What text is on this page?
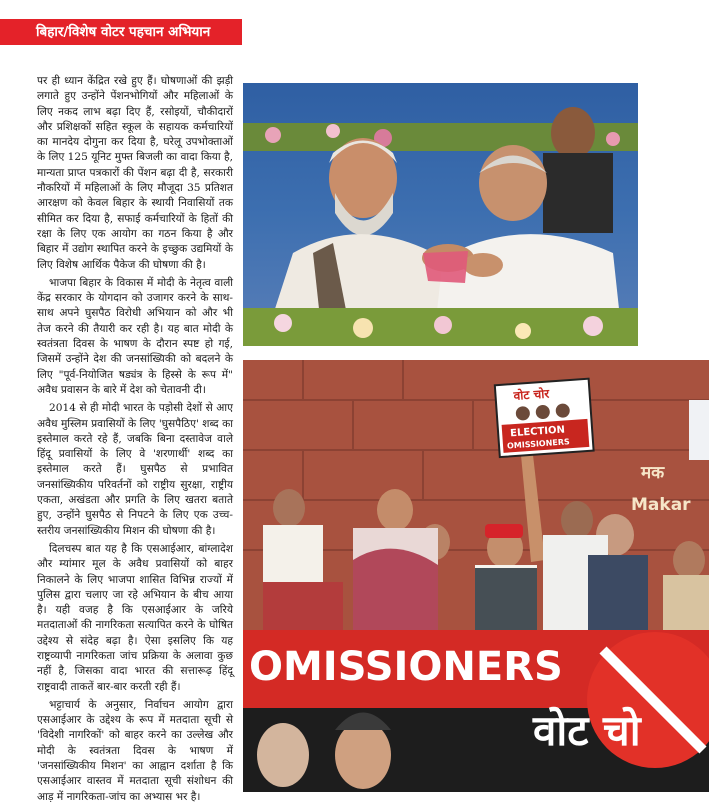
बिहार/विशेष वोटर पहचान अभियान

पर ही ध्यान केंद्रित रखे हुए हैं। घोषणाओं की झड़ी लगाते हुए उन्होंने पेंशनभोगियों और महिलाओं के लिए नकद लाभ बढ़ा दिए हैं, रसोइयों, चौकीदारों और प्रशिक्षकों सहित स्कूल के सहायक कर्मचारियों का मानदेय दोगुना कर दिया है, घरेलू उपभोक्ताओं के लिए 125 यूनिट मुफ्त बिजली का वादा किया है, मान्यता प्राप्त पत्रकारों की पेंशन बढ़ा दी है, सरकारी नौकरियों में महिलाओं के लिए मौजूदा 35 प्रतिशत आरक्षण को केवल बिहार के स्थायी निवासियों तक सीमित कर दिया है, सफाई कर्मचारियों के हितों की रक्षा के लिए एक आयोग का गठन किया है और बिहार में उद्योग स्थापित करने के इच्छुक उद्यमियों के लिए विशेष आर्थिक पैकेज की घोषणा की है।

भाजपा बिहार के विकास में मोदी के नेतृत्व वाली केंद्र सरकार के योगदान को उजागर करने के साथ-साथ अपने घुसपैठ विरोधी अभियान को और भी तेज करने की तैयारी कर रही है। यह बात मोदी के स्वतंत्रता दिवस के भाषण के दौरान स्पष्ट हो गई, जिसमें उन्होंने देश की जनसांख्यिकी को बदलने के लिए "पूर्व-नियोजित षड्यंत्र के हिस्से के रूप में" अवैध प्रवासन के बारे में देश को चेतावनी दी।

2014 से ही मोदी भारत के पड़ोसी देशों से आए अवैध मुस्लिम प्रवासियों के लिए 'घुसपैठिए' शब्द का इस्तेमाल करते रहे हैं, जबकि बिना दस्तावेज वाले हिंदू प्रवासियों के लिए वे 'शरणार्थी' शब्द का इस्तेमाल करते हैं। घुसपैठ से प्रभावित जनसांख्यिकीय परिवर्तनों को राष्ट्रीय सुरक्षा, राष्ट्रीय एकता, अखंडता और प्रगति के लिए खतरा बताते हुए, उन्होंने घुसपैठ से निपटने के लिए एक उच्च-स्तरीय जनसांख्यिकीय मिशन की घोषणा की है।

दिलचस्प बात यह है कि एसआईआर, बांग्लादेश और म्यांमार मूल के अवैध प्रवासियों को बाहर निकालने के लिए भाजपा शासित विभिन्न राज्यों में पुलिस द्वारा चलाए जा रहे अभियान के बीच आया है। यही वजह है कि एसआईआर के जरिये मतदाताओं की नागरिकता सत्यापित करने के घोषित उद्देश्य से संदेह बढ़ा है। ऐसा इसलिए कि यह राष्ट्रव्यापी नागरिकता जांच प्रक्रिया के अलावा कुछ नहीं है, जिसका वादा भारत की सत्तारूढ़ हिंदू राष्ट्रवादी ताकतें बार-बार करती रही हैं।

भट्टाचार्य के अनुसार, निर्वाचन आयोग द्वारा एसआईआर के उद्देश्य के रूप में मतदाता सूची से 'विदेशी नागरिकों' को बाहर करने का उल्लेख और मोदी के स्वतंत्रता दिवस के भाषण में 'जनसांख्यिकीय मिशन' का आह्वान दर्शाता है कि एसआईआर वास्तव में मतदाता सूची संशोधन की आड़ में नागरिकता-जांच का अभ्यास भर है।

मक
Makar
वोट चोर
ELECTION
OMISSIONERS
OMISSIONERS
वोट चो
